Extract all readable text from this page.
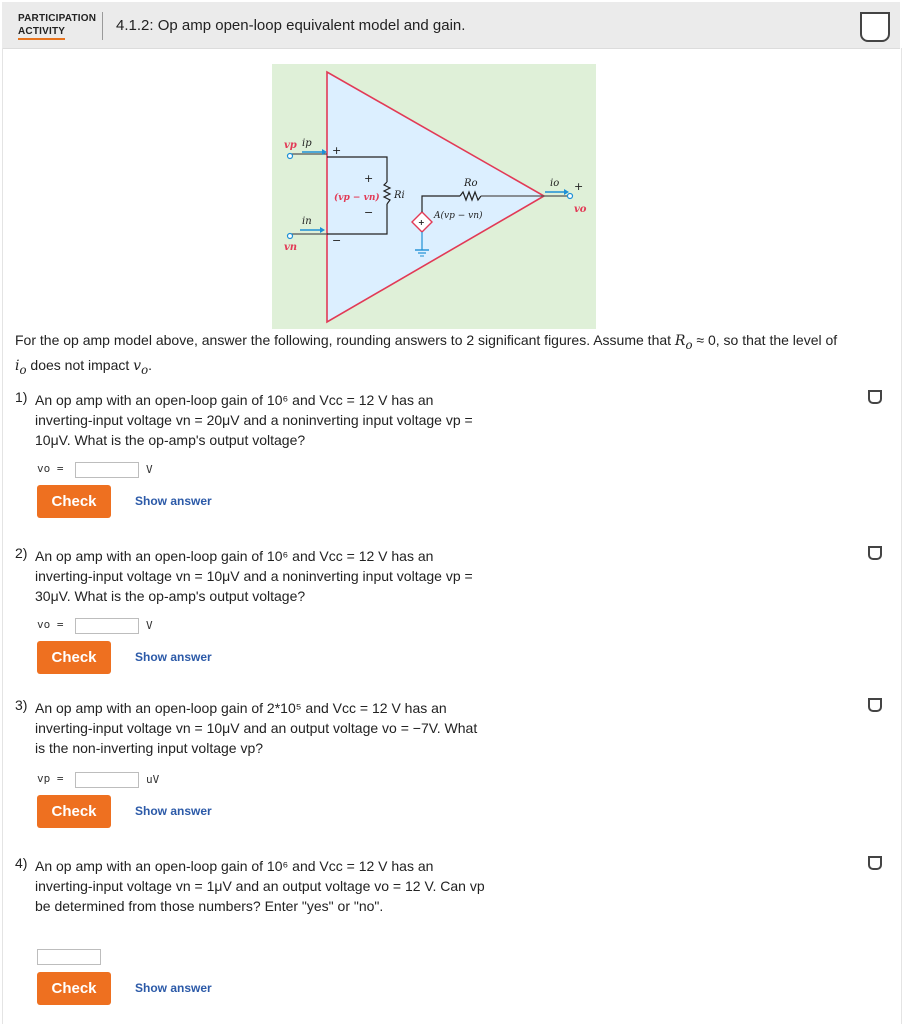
PARTICIPATION
ACTIVITY	4.1.2: Op amp open-loop equivalent model and gain.
vp ip
+
+
(vp − vn) Ri
−
Ro
A(vp − vn)
+
in
vn
−
io +
vo
For the op amp model above, answer the following, rounding answers to 2 significant figures. Assume that $R_o \approx 0$, so that the level of $i_o$ does not impact $v_o$.
1) An op amp with an open-loop gain of 10⁶ and Vcc = 12 V has an inverting-input voltage vn = 20μV and a noninverting input voltage vp = 10μV. What is the op-amp's output voltage?
vo =	V
Check	Show answer
2) An op amp with an open-loop gain of 10⁶ and Vcc = 12 V has an inverting-input voltage vn = 10μV and a noninverting input voltage vp = 30μV. What is the op-amp's output voltage?
vo =	V
Check	Show answer
3) An op amp with an open-loop gain of 2*10⁵ and Vcc = 12 V has an inverting-input voltage vn = 10μV and an output voltage vo = −7V. What is the non-inverting input voltage vp?
vp =	uV
Check	Show answer
4) An op amp with an open-loop gain of 10⁶ and Vcc = 12 V has an inverting-input voltage vn = 1μV and an output voltage vo = 12 V. Can vp be determined from those numbers? Enter "yes" or "no".
Check	Show answer
